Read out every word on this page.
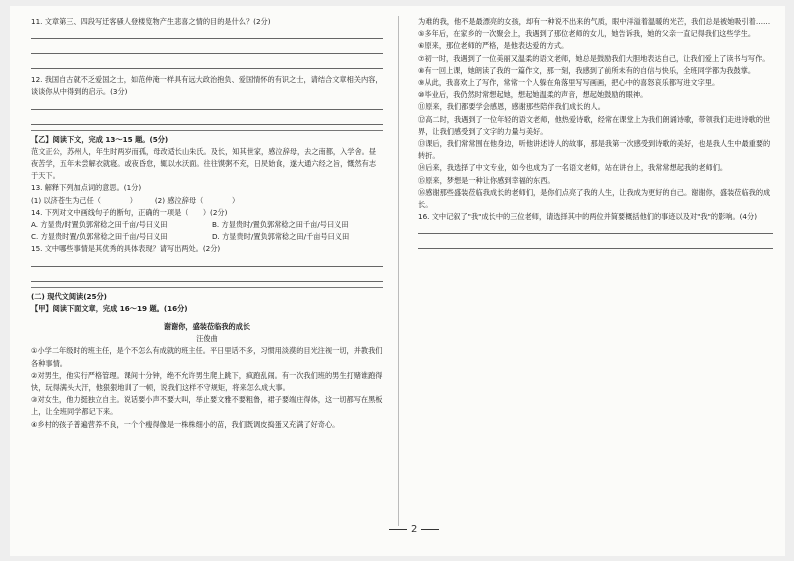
11. 文章第三、四段写迁客骚人登楼览物产生悲喜之情的目的是什么？(2分)

12. 我国自古就不乏爱国之士，如范仲淹一样具有远大政治抱负、爱国情怀的有识之士，请结合文章相关内容，谈谈你从中得到的启示。(3分)

【乙】阅读下文，完成 13～15 题。(5分)

范文正公，苏州人，年生时两岁而孤，母改适长山朱氏。及长，知其世家，感泣辞母，去之南都，入学舍。昼夜苦学，五年未尝解衣就寝。或夜昏怠，辄以水沃面。往往馍粥不充，日昃始食，遂大通六经之旨，慨然有志于天下。

13. 解释下列加点词的意思。(1分)

(1) 以济苍生为己任（　　　　）　　　(2) 感泣辞母（　　　　）

14. 下列对文中画线句子的断句，正确的一项是（　　）(2分)

A. 方显贵/时置负郭常稔之田千亩/号曰义田	B. 方显贵时/置负郭常稔之田千亩/号曰义田
C. 方显贵时置/负郭常稔之田千亩/号曰义田	D. 方显贵时/置负郭常稔之田/千亩号曰义田

15. 文中哪些事情是其优秀的具体表现？请写出两处。(2分)

(二) 现代文阅读(25分)

【甲】阅读下面文章，完成 16～19 题。(16分)

谢谢你，盛装莅临我的成长

汪俊曲

①小学二年级时的班主任，是个不怎么有成就的班主任。平日里话不多，习惯用淡漠的目光注视一切，并教我们各种事情。

②对男生，他实行严格管理。课间十分钟，绝不允许男生爬上跳下，疯跑乱闹。有一次我们班的男生打赌谁跑得快，玩得满头大汗，他狠狠地训了一顿，说我们这样不守规矩，将来怎么成大事。

③对女生，他力挺独立自主。说话要小声不要大叫，举止要文雅不要粗鲁，裙子要端庄得体，这一切都写在黑板上，让全班同学都记下来。

④乡村的孩子普遍营养不良，一个个瘦得像是一株株细小的苗，我们既调皮捣蛋又充满了好奇心。

为难的我，他不是最漂亮的女孩，却有一种说不出来的气质，眼中洋溢着温暖的光芒，我们总是被她吸引着……

⑤多年后，在家乡的一次聚会上，我遇到了那位老师的女儿，她告诉我，她的父亲一直记得我们这些学生。

⑥原来，那位老师的严格，是他表达爱的方式。

⑦初一时，我遇到了一位美丽又温柔的语文老师，她总是鼓励我们大胆地表达自己，让我们爱上了读书与写作。

⑧有一回上课，她朗读了我的一篇作文，那一刻，我感到了前所未有的自信与快乐，全班同学都为我鼓掌。

⑨从此，我喜欢上了写作，常常一个人躲在角落里写写画画，把心中的喜怒哀乐都写进文字里。

⑩毕业后，我仍然时常想起她，想起她温柔的声音，想起她鼓励的眼神。

⑪原来，我们都要学会感恩，感谢那些陪伴我们成长的人。

⑫高二时，我遇到了一位年轻的语文老师，他热爱诗歌，经常在课堂上为我们朗诵诗歌，带领我们走进诗歌的世界，让我们感受到了文字的力量与美好。

⑬课后，我们常常围在他身边，听他讲述诗人的故事，那是我第一次感受到诗歌的美好，也是我人生中最重要的转折。

⑭后来，我选择了中文专业，如今也成为了一名语文老师，站在讲台上，我常常想起我的老师们。

⑮原来，梦想是一种让你感到幸福的东西。

⑯感谢那些盛装莅临我成长的老师们，是你们点亮了我的人生，让我成为更好的自己。谢谢你，盛装莅临我的成长。

16. 文中记叙了"我"成长中的三位老师，请选择其中的两位并简要概括他们的事迹以及对"我"的影响。(4分)

2
